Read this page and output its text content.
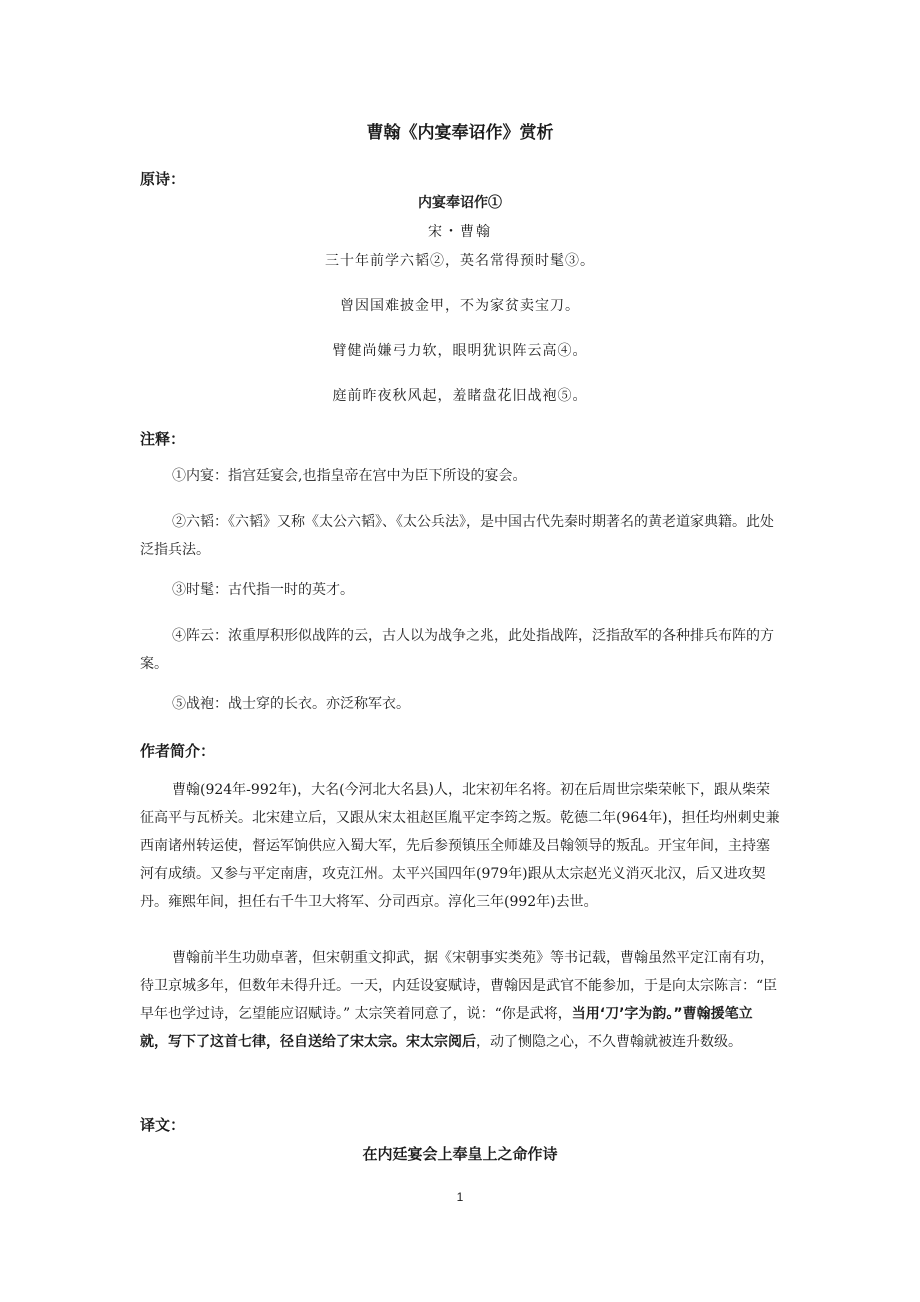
曹翰《内宴奉诏作》赏析
原诗：
内宴奉诏作①
宋・曹翰
三十年前学六韬②，英名常得预时髦③。
曾因国难披金甲，不为家贫卖宝刀。
臂健尚嫌弓力软，眼明犹识阵云高④。
庭前昨夜秋风起，羞睹盘花旧战袍⑤。
注释：
①内宴：指宫廷宴会,也指皇帝在宫中为臣下所设的宴会。
②六韬：《六韬》又称《太公六韬》、《太公兵法》，是中国古代先秦时期著名的黄老道家典籍。此处泛指兵法。
③时髦：古代指一时的英才。
④阵云：浓重厚积形似战阵的云，古人以为战争之兆，此处指战阵，泛指敌军的各种排兵布阵的方案。
⑤战袍：战士穿的长衣。亦泛称军衣。
作者简介：
曹翰(924年-992年)，大名(今河北大名县)人，北宋初年名将。初在后周世宗柴荣帐下，跟从柴荣征高平与瓦桥关。北宋建立后，又跟从宋太祖赵匡胤平定李筠之叛。乾德二年(964年)，担任均州刺史兼西南诸州转运使，督运军饷供应入蜀大军，先后参预镇压全师雄及吕翰领导的叛乱。开宝年间，主持塞河有成绩。又参与平定南唐，攻克江州。太平兴国四年(979年)跟从太宗赵光义消灭北汉，后又进攻契丹。雍熙年间，担任右千牛卫大将军、分司西京。淳化三年(992年)去世。
曹翰前半生功勋卓著，但宋朝重文抑武，据《宋朝事实类苑》等书记载，曹翰虽然平定江南有功，待卫京城多年，但数年未得升迁。一天，内廷设宴赋诗，曹翰因是武官不能参加，于是向太宗陈言：“臣早年也学过诗，乞望能应诏赋诗。” 太宗笑着同意了，说：“你是武将，当用‘刀’字为韵。”曹翰援笔立就，写下了这首七律，径自送给了宋太宗。宋太宗阅后，动了恻隐之心，不久曹翰就被连升数级。
译文：
在内廷宴会上奉皇上之命作诗
1
